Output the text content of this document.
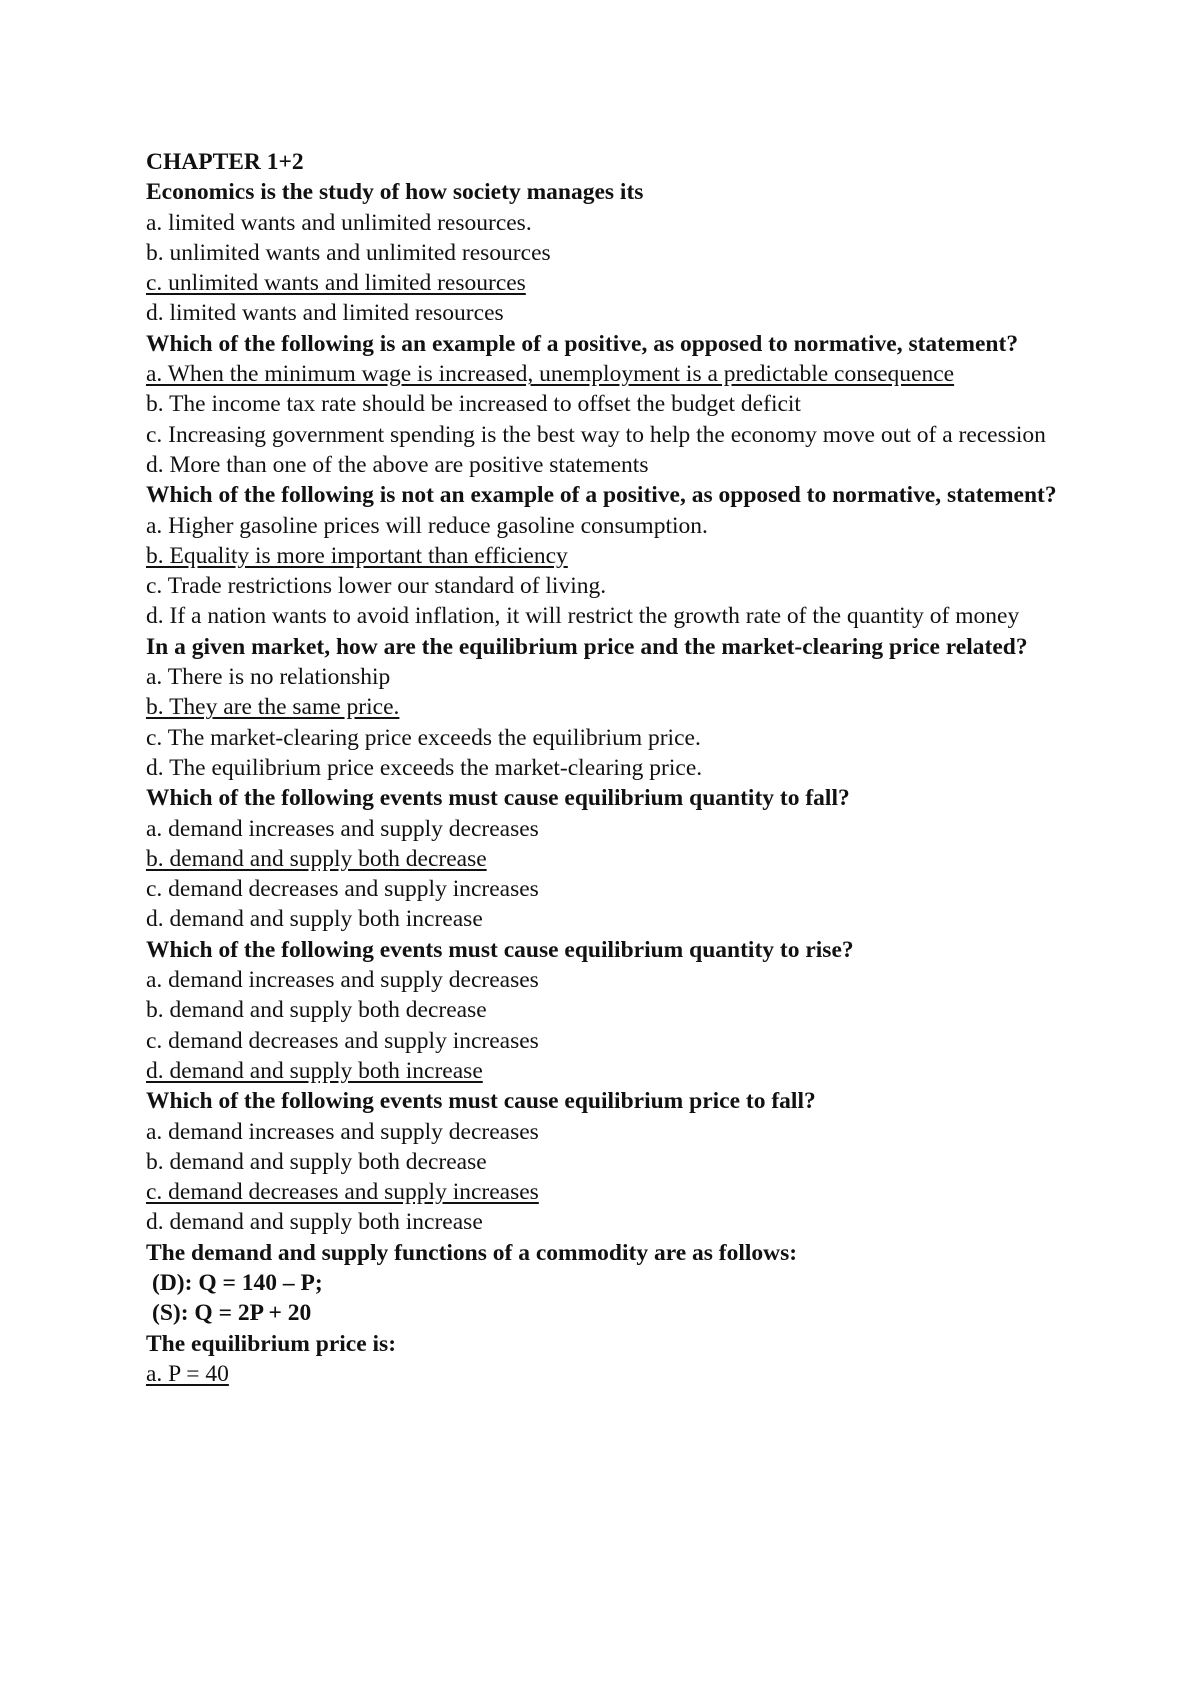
CHAPTER 1+2

Economics is the study of how society manages its

a. limited wants and unlimited resources.

b. unlimited wants and unlimited resources

c. unlimited wants and limited resources

d. limited wants and limited resources

Which of the following is an example of a positive, as opposed to normative, statement?

a. When the minimum wage is increased, unemployment is a predictable consequence

b. The income tax rate should be increased to offset the budget deficit

c. Increasing government spending is the best way to help the economy move out of a recession

d. More than one of the above are positive statements

Which of the following is not an example of a positive, as opposed to normative, statement?

a. Higher gasoline prices will reduce gasoline consumption.

b. Equality is more important than efficiency

c. Trade restrictions lower our standard of living.

d. If a nation wants to avoid inflation, it will restrict the growth rate of the quantity of money

In a given market, how are the equilibrium price and the market-clearing price related?

a. There is no relationship

b. They are the same price.

c. The market-clearing price exceeds the equilibrium price.

d. The equilibrium price exceeds the market-clearing price.

Which of the following events must cause equilibrium quantity to fall?

a. demand increases and supply decreases

b. demand and supply both decrease

c. demand decreases and supply increases

d. demand and supply both increase

Which of the following events must cause equilibrium quantity to rise?

a. demand increases and supply decreases

b. demand and supply both decrease

c. demand decreases and supply increases

d. demand and supply both increase

Which of the following events must cause equilibrium price to fall?

a. demand increases and supply decreases

b. demand and supply both decrease

c. demand decreases and supply increases

d. demand and supply both increase

The demand and supply functions of a commodity are as follows:

(D): Q = 140 – P;

(S): Q = 2P + 20

The equilibrium price is:

a. P = 40
